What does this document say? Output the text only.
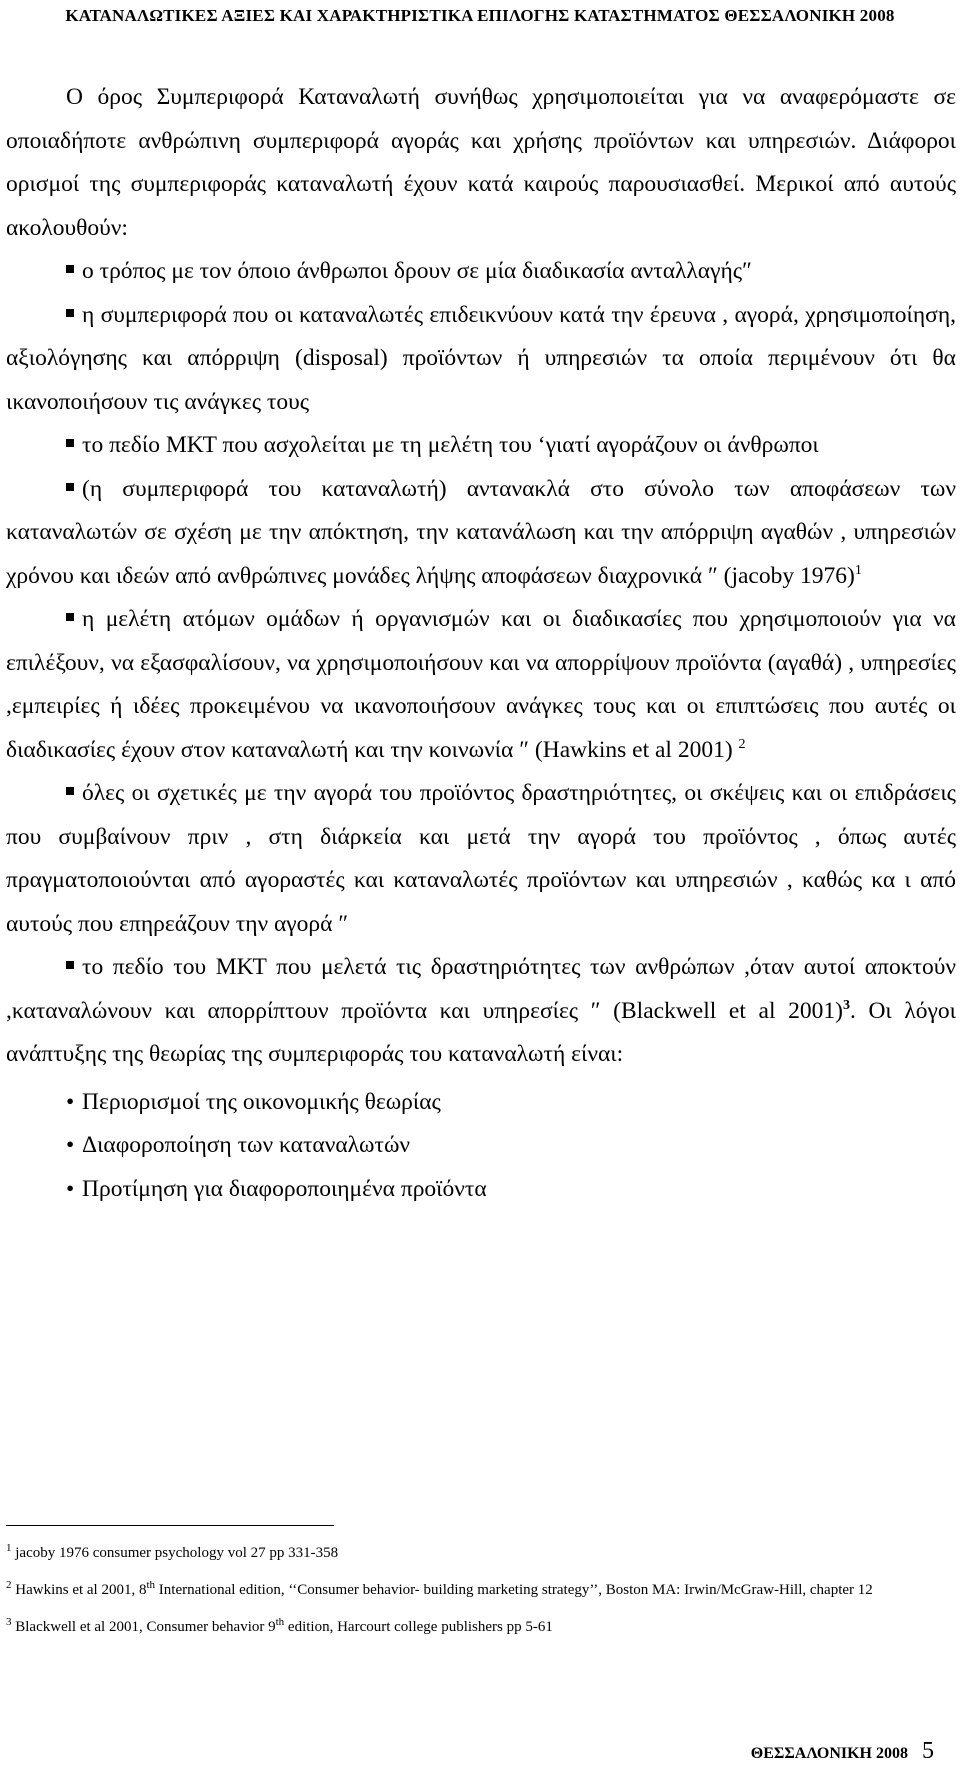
ΚΑΤΑΝΑΛΩΤΙΚΕΣ ΑΞΙΕΣ ΚΑΙ ΧΑΡΑΚΤΗΡΙΣΤΙΚΑ ΕΠΙΛΟΓΗΣ ΚΑΤΑΣΤΗΜΑΤΟΣ ΘΕΣΣΑΛΟΝΙΚΗ 2008

Ο όρος Συμπεριφορά Καταναλωτή συνήθως χρησιμοποιείται για να αναφερόμαστε σε οποιαδήποτε ανθρώπινη συμπεριφορά αγοράς και χρήσης προϊόντων και υπηρεσιών. Διάφοροι ορισμοί της συμπεριφοράς καταναλωτή έχουν κατά καιρούς παρουσιασθεί. Μερικοί από αυτούς ακολουθούν:

ο τρόπος με τον όποιο άνθρωποι δρουν σε μία διαδικασία ανταλλαγής″

η συμπεριφορά που οι καταναλωτές επιδεικνύουν κατά την έρευνα , αγορά, χρησιμοποίηση, αξιολόγησης και απόρριψη (disposal) προϊόντων ή υπηρεσιών τα οποία περιμένουν ότι θα ικανοποιήσουν τις ανάγκες τους

το πεδίο ΜΚΤ που ασχολείται με τη μελέτη του ‘γιατί αγοράζουν οι άνθρωποι

(η συμπεριφορά του καταναλωτή) αντανακλά στο σύνολο των αποφάσεων των καταναλωτών σε σχέση με την απόκτηση, την κατανάλωση και την απόρριψη αγαθών , υπηρεσιών χρόνου και ιδεών από ανθρώπινες μονάδες λήψης αποφάσεων διαχρονικά ″ (jacoby 1976)$^1$

η μελέτη ατόμων ομάδων ή οργανισμών και οι διαδικασίες που χρησιμοποιούν για να επιλέξουν, να εξασφαλίσουν, να χρησιμοποιήσουν και να απορρίψουν προϊόντα (αγαθά) , υπηρεσίες ,εμπειρίες ή ιδέες προκειμένου να ικανοποιήσουν ανάγκες τους και οι επιπτώσεις που αυτές οι διαδικασίες έχουν στον καταναλωτή και την κοινωνία ″ (Hawkins et al 2001) $^2$

όλες οι σχετικές με την αγορά του προϊόντος δραστηριότητες, οι σκέψεις και οι επιδράσεις που συμβαίνουν πριν , στη διάρκεία και μετά την αγορά του προϊόντος , όπως αυτές πραγματοποιούνται από αγοραστές και καταναλωτές προϊόντων και υπηρεσιών , καθώς κα ι από αυτούς που επηρεάζουν την αγορά ″

το πεδίο του ΜΚΤ που μελετά τις δραστηριότητες των ανθρώπων ,όταν αυτοί αποκτούν ,καταναλώνουν και απορρίπτουν προϊόντα και υπηρεσίες ″ (Blackwell et al 2001)$^3$. Οι λόγοι ανάπτυξης της θεωρίας της συμπεριφοράς του καταναλωτή είναι:

• Περιορισμοί της οικονομικής θεωρίας
• Διαφοροποίηση των καταναλωτών
• Προτίμηση για διαφοροποιημένα προϊόντα

$^1$ jacoby 1976 consumer psychology vol 27 pp 331-358

$^2$ Hawkins et al 2001, 8th International edition, ‘‘Consumer behavior- building marketing strategy’’, Boston MA: Irwin/McGraw-Hill, chapter 12

$^3$ Blackwell et al 2001, Consumer behavior 9th edition, Harcourt college publishers pp 5-61

ΘΕΣΣΑΛΟΝΙΚΗ 2008 5
